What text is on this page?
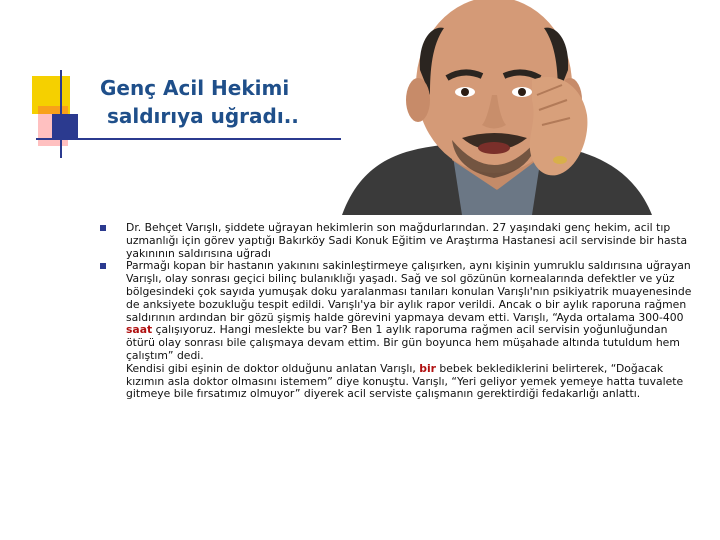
Genç Acil Hekimi
saldırıya uğradı..

Dr. Behçet Varışlı, şiddete uğrayan hekimlerin son mağdurlarından. 27 yaşındaki genç hekim, acil tıp uzmanlığı için görev yaptığı Bakırköy Sadi Konuk Eğitim ve Araştırma Hastanesi acil servisinde bir hasta yakınının saldırısına uğradı

Parmağı kopan bir hastanın yakınını sakinleştirmeye çalışırken, aynı kişinin yumruklu saldırısına uğrayan Varışlı, olay sonrası geçici bilinç bulanıklığı yaşadı. Sağ ve sol gözünün kornealarında defektler ve yüz bölgesindeki çok sayıda yumuşak doku yaralanması tanıları konulan Varışlı'nın psikiyatrik muayenesinde de anksiyete bozukluğu tespit edildi. Varışlı'ya bir aylık rapor verildi. Ancak o bir aylık raporuna rağmen saldırının ardından bir gözü şişmiş halde görevini yapmaya devam etti. Varışlı, “Ayda ortalama 300-400 saat çalışıyoruz. Hangi meslekte bu var? Ben 1 aylık raporuma rağmen acil servisin yoğunluğundan ötürü olay sonrası bile çalışmaya devam ettim. Bir gün boyunca hem müşahade altında tutuldum hem çalıştım” dedi.
Kendisi gibi eşinin de doktor olduğunu anlatan Varışlı, bir bebek beklediklerini belirterek, “Doğacak kızımın asla doktor olmasını istemem” diye konuştu. Varışlı, “Yeri geliyor yemek yemeye hatta tuvalete gitmeye bile fırsatımız olmuyor” diyerek acil serviste çalışmanın gerektirdiği fedakarlığı anlattı.
